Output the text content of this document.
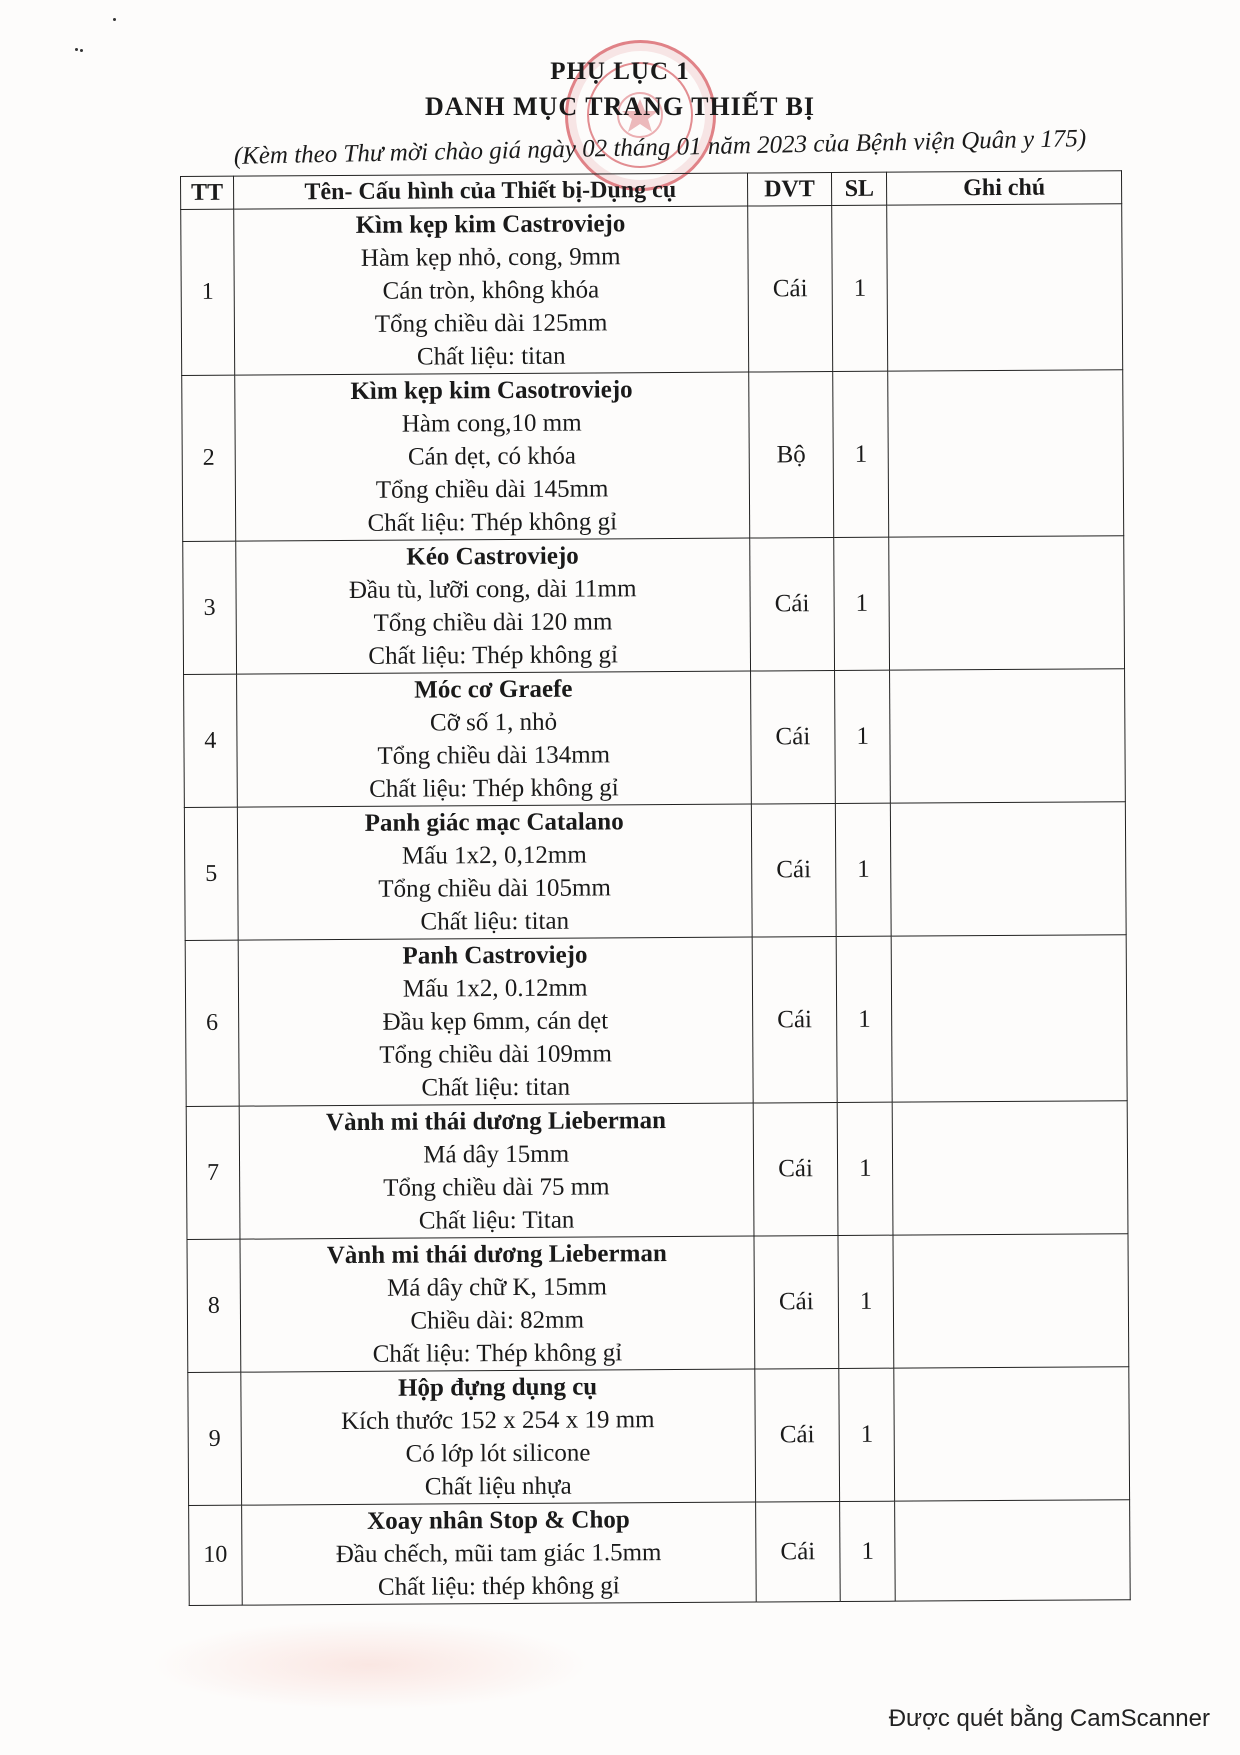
PHỤ LỤC 1
DANH MỤC TRANG THIẾT BỊ
(Kèm theo Thư mời chào giá ngày 02 tháng 01 năm 2023 của Bệnh viện Quân y 175)
TT	Tên- Cấu hình của Thiết bị-Dụng cụ	DVT	SL	Ghi chú
1	Kìm kẹp kim Castroviejo
Hàm kẹp nhỏ, cong, 9mm
Cán tròn, không khóa
Tổng chiều dài 125mm
Chất liệu: titan	Cái	1	
2	Kìm kẹp kim Casotroviejo
Hàm cong,10 mm
Cán dẹt, có khóa
Tổng chiều dài 145mm
Chất liệu: Thép không gỉ	Bộ	1	
3	Kéo Castroviejo
Đầu tù, lưỡi cong, dài 11mm
Tổng chiều dài 120 mm
Chất liệu: Thép không gỉ	Cái	1	
4	Móc cơ Graefe
Cỡ số 1, nhỏ
Tổng chiều dài 134mm
Chất liệu: Thép không gỉ	Cái	1	
5	Panh giác mạc Catalano
Mấu 1x2, 0,12mm
Tổng chiều dài 105mm
Chất liệu: titan	Cái	1	
6	Panh Castroviejo
Mấu 1x2, 0.12mm
Đầu kẹp 6mm, cán dẹt
Tổng chiều dài 109mm
Chất liệu: titan	Cái	1	
7	Vành mi thái dương Lieberman
Má dây 15mm
Tổng chiều dài 75 mm
Chất liệu: Titan	Cái	1	
8	Vành mi thái dương Lieberman
Má dây chữ K, 15mm
Chiều dài: 82mm
Chất liệu: Thép không gỉ	Cái	1	
9	Hộp đựng dụng cụ
Kích thước 152 x 254 x 19 mm
Có lớp lót silicone
Chất liệu nhựa	Cái	1	
10	Xoay nhân Stop & Chop
Đầu chếch, mũi tam giác 1.5mm
Chất liệu: thép không gỉ	Cái	1	
Được quét bằng CamScanner
